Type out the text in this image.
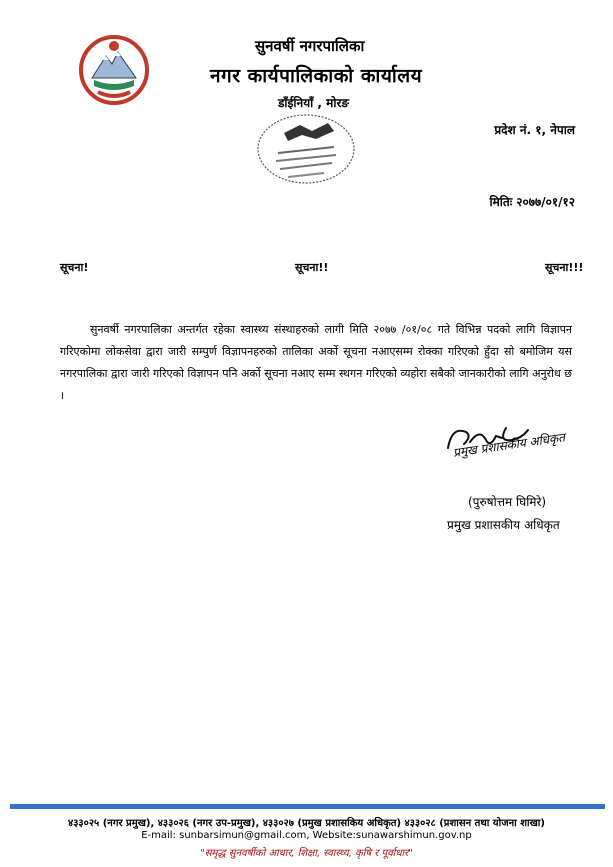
सुनवर्षी नगरपालिका
नगर कार्यपालिकाको कार्यालय
डाँईनियाँ , मोरङ
प्रदेश नं. १, नेपाल
मितिः २०७७/०१/१२
सूचना!	सूचना!!	सूचना!!!
सुनवर्षी नगरपालिका अन्तर्गत रहेका स्वास्थ्य संस्थाहरुको लागी मिति २०७७ /०१/०८ गते विभिन्न पदको लागि विज्ञापन गरिएकोमा लोकसेवा द्वारा जारी सम्पुर्ण विज्ञापनहरुको तालिका अर्को सूचना नआएसम्म रोक्का गरिएको हुँदा सो बमोजिम यस नगरपालिका द्वारा जारी गरिएको विज्ञापन पनि अर्को सूचना नआए सम्म स्थगन गरिएको व्यहोरा सबैको जानकारीको लागि अनुरोध छ ।
प्रमुख प्रशासकीय अधिकृत
(पुरुषोत्तम घिमिरे)
प्रमुख प्रशासकीय अधिकृत
४३३०२५ (नगर प्रमुख), ४३३०२६ (नगर उप-प्रमुख), ४३३०२७ (प्रमुख प्रशासकिय अधिकृत) ४३३०२८ (प्रशासन तथा योजना शाखा)
E-mail: sunbarsimun@gmail.com, Website:sunawarshimun.gov.np
"समृद्ध सुनवर्षीको आधार, शिक्षा, स्वास्थ्य, कृषि र पूर्वाधार"
